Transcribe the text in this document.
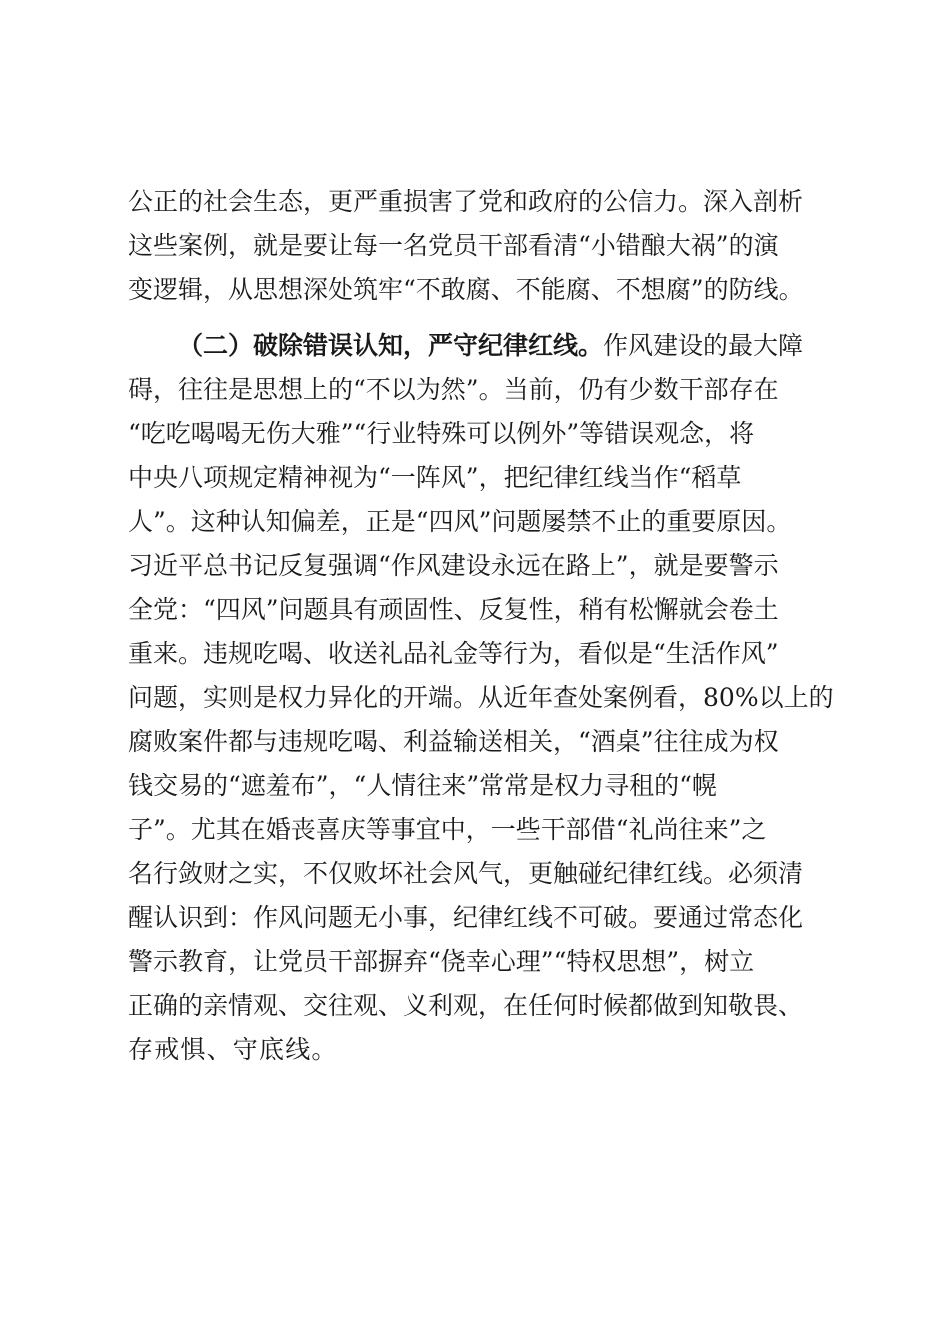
公正的社会生态，更严重损害了党和政府的公信力。深入剖析
这些案例，就是要让每一名党员干部看清“小错酿大祸”的演
变逻辑，从思想深处筑牢“不敢腐、不能腐、不想腐”的防线。
（二）破除错误认知，严守纪律红线。作风建设的最大障
碍，往往是思想上的“不以为然”。当前，仍有少数干部存在
“吃吃喝喝无伤大雅”“行业特殊可以例外”等错误观念，将
中央八项规定精神视为“一阵风”，把纪律红线当作“稻草
人”。这种认知偏差，正是“四风”问题屡禁不止的重要原因。
习近平总书记反复强调“作风建设永远在路上”，就是要警示
全党：“四风”问题具有顽固性、反复性，稍有松懈就会卷土
重来。违规吃喝、收送礼品礼金等行为，看似是“生活作风”
问题，实则是权力异化的开端。从近年查处案例看，80%以上的
腐败案件都与违规吃喝、利益输送相关，“酒桌”往往成为权
钱交易的“遮羞布”，“人情往来”常常是权力寻租的“幌
子”。尤其在婚丧喜庆等事宜中，一些干部借“礼尚往来”之
名行敛财之实，不仅败坏社会风气，更触碰纪律红线。必须清
醒认识到：作风问题无小事，纪律红线不可破。要通过常态化
警示教育，让党员干部摒弃“侥幸心理”“特权思想”，树立
正确的亲情观、交往观、义利观，在任何时候都做到知敬畏、
存戒惧、守底线。
